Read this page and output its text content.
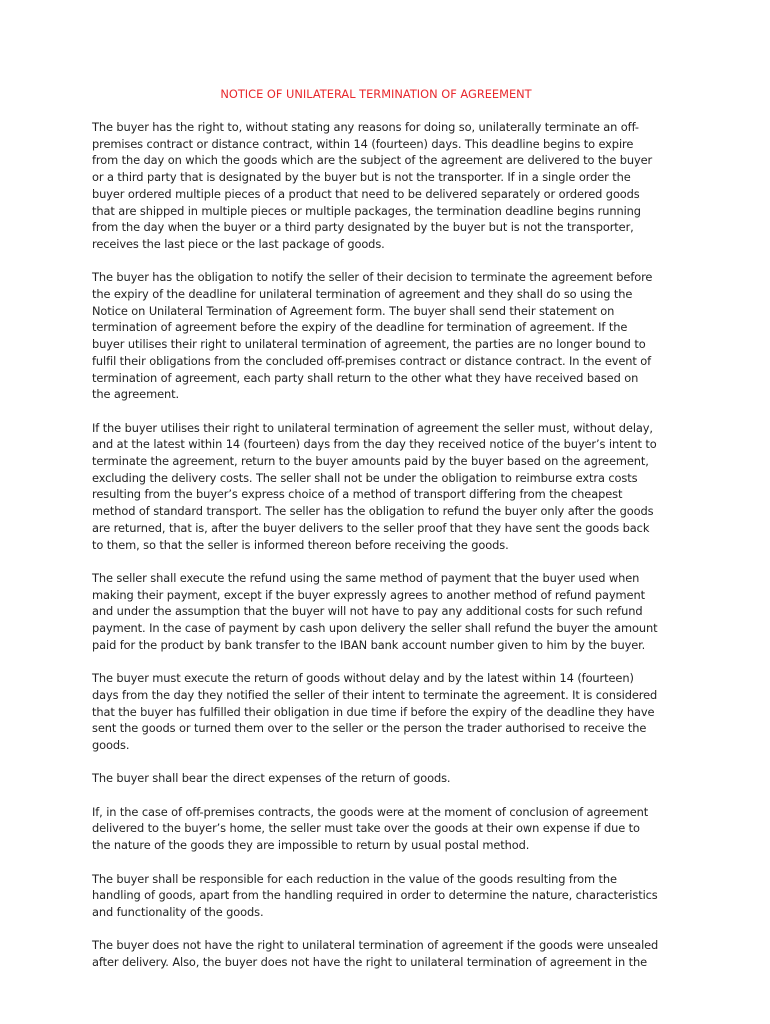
NOTICE OF UNILATERAL TERMINATION OF AGREEMENT

The buyer has the right to, without stating any reasons for doing so, unilaterally terminate an off-premises contract or distance contract, within 14 (fourteen) days. This deadline begins to expire from the day on which the goods which are the subject of the agreement are delivered to the buyer or a third party that is designated by the buyer but is not the transporter. If in a single order the buyer ordered multiple pieces of a product that need to be delivered separately or ordered goods that are shipped in multiple pieces or multiple packages, the termination deadline begins running from the day when the buyer or a third party designated by the buyer but is not the transporter, receives the last piece or the last package of goods.

The buyer has the obligation to notify the seller of their decision to terminate the agreement before the expiry of the deadline for unilateral termination of agreement and they shall do so using the Notice on Unilateral Termination of Agreement form. The buyer shall send their statement on termination of agreement before the expiry of the deadline for termination of agreement. If the buyer utilises their right to unilateral termination of agreement, the parties are no longer bound to fulfil their obligations from the concluded off-premises contract or distance contract. In the event of termination of agreement, each party shall return to the other what they have received based on the agreement.

If the buyer utilises their right to unilateral termination of agreement the seller must, without delay, and at the latest within 14 (fourteen) days from the day they received notice of the buyer’s intent to terminate the agreement, return to the buyer amounts paid by the buyer based on the agreement, excluding the delivery costs. The seller shall not be under the obligation to reimburse extra costs resulting from the buyer’s express choice of a method of transport differing from the cheapest method of standard transport. The seller has the obligation to refund the buyer only after the goods are returned, that is, after the buyer delivers to the seller proof that they have sent the goods back to them, so that the seller is informed thereon before receiving the goods.

The seller shall execute the refund using the same method of payment that the buyer used when making their payment, except if the buyer expressly agrees to another method of refund payment and under the assumption that the buyer will not have to pay any additional costs for such refund payment. In the case of payment by cash upon delivery the seller shall refund the buyer the amount paid for the product by bank transfer to the IBAN bank account number given to him by the buyer.

The buyer must execute the return of goods without delay and by the latest within 14 (fourteen) days from the day they notified the seller of their intent to terminate the agreement. It is considered that the buyer has fulfilled their obligation in due time if before the expiry of the deadline they have sent the goods or turned them over to the seller or the person the trader authorised to receive the goods.

The buyer shall bear the direct expenses of the return of goods.

If, in the case of off-premises contracts, the goods were at the moment of conclusion of agreement delivered to the buyer’s home, the seller must take over the goods at their own expense if due to the nature of the goods they are impossible to return by usual postal method.

The buyer shall be responsible for each reduction in the value of the goods resulting from the handling of goods, apart from the handling required in order to determine the nature, characteristics and functionality of the goods.

The buyer does not have the right to unilateral termination of agreement if the goods were unsealed after delivery. Also, the buyer does not have the right to unilateral termination of agreement in the
